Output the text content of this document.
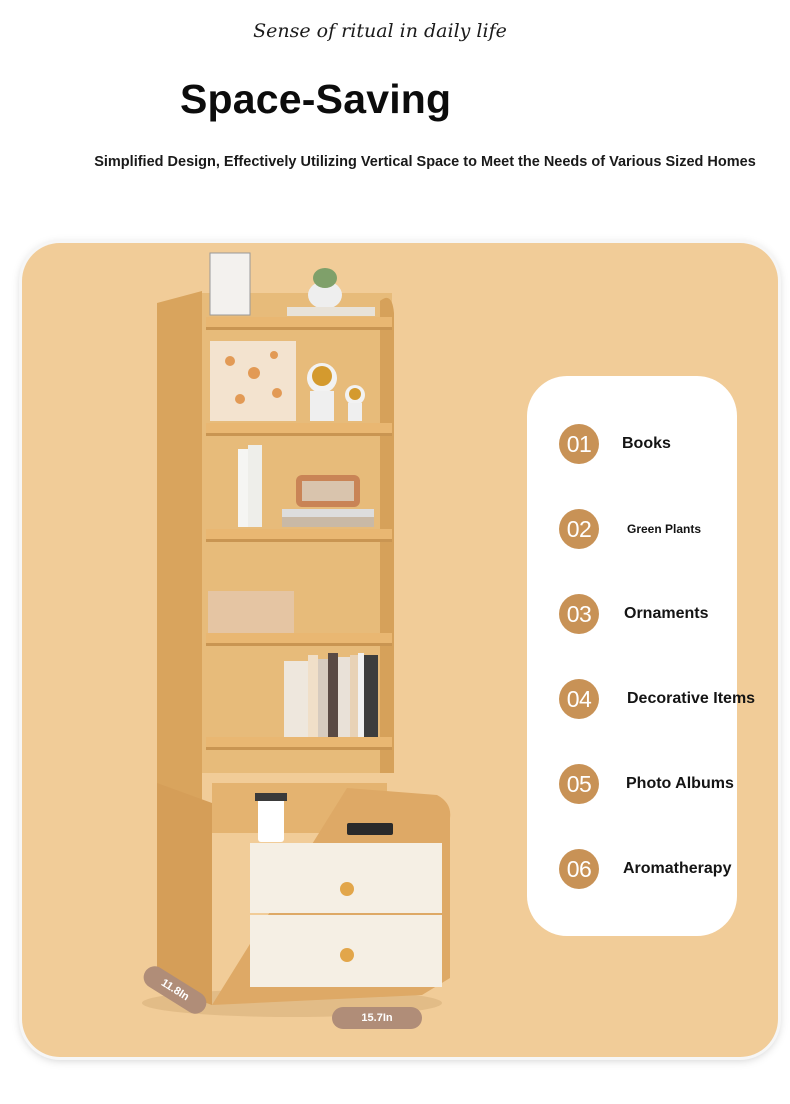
Sense of ritual in daily life
Space-Saving
Simplified Design, Effectively Utilizing Vertical Space to Meet the Needs of Various Sized Homes
11.8In
15.7In
01	Books
02	Green Plants
03	Ornaments
04	Decorative Items
05	Photo Albums
06	Aromatherapy
